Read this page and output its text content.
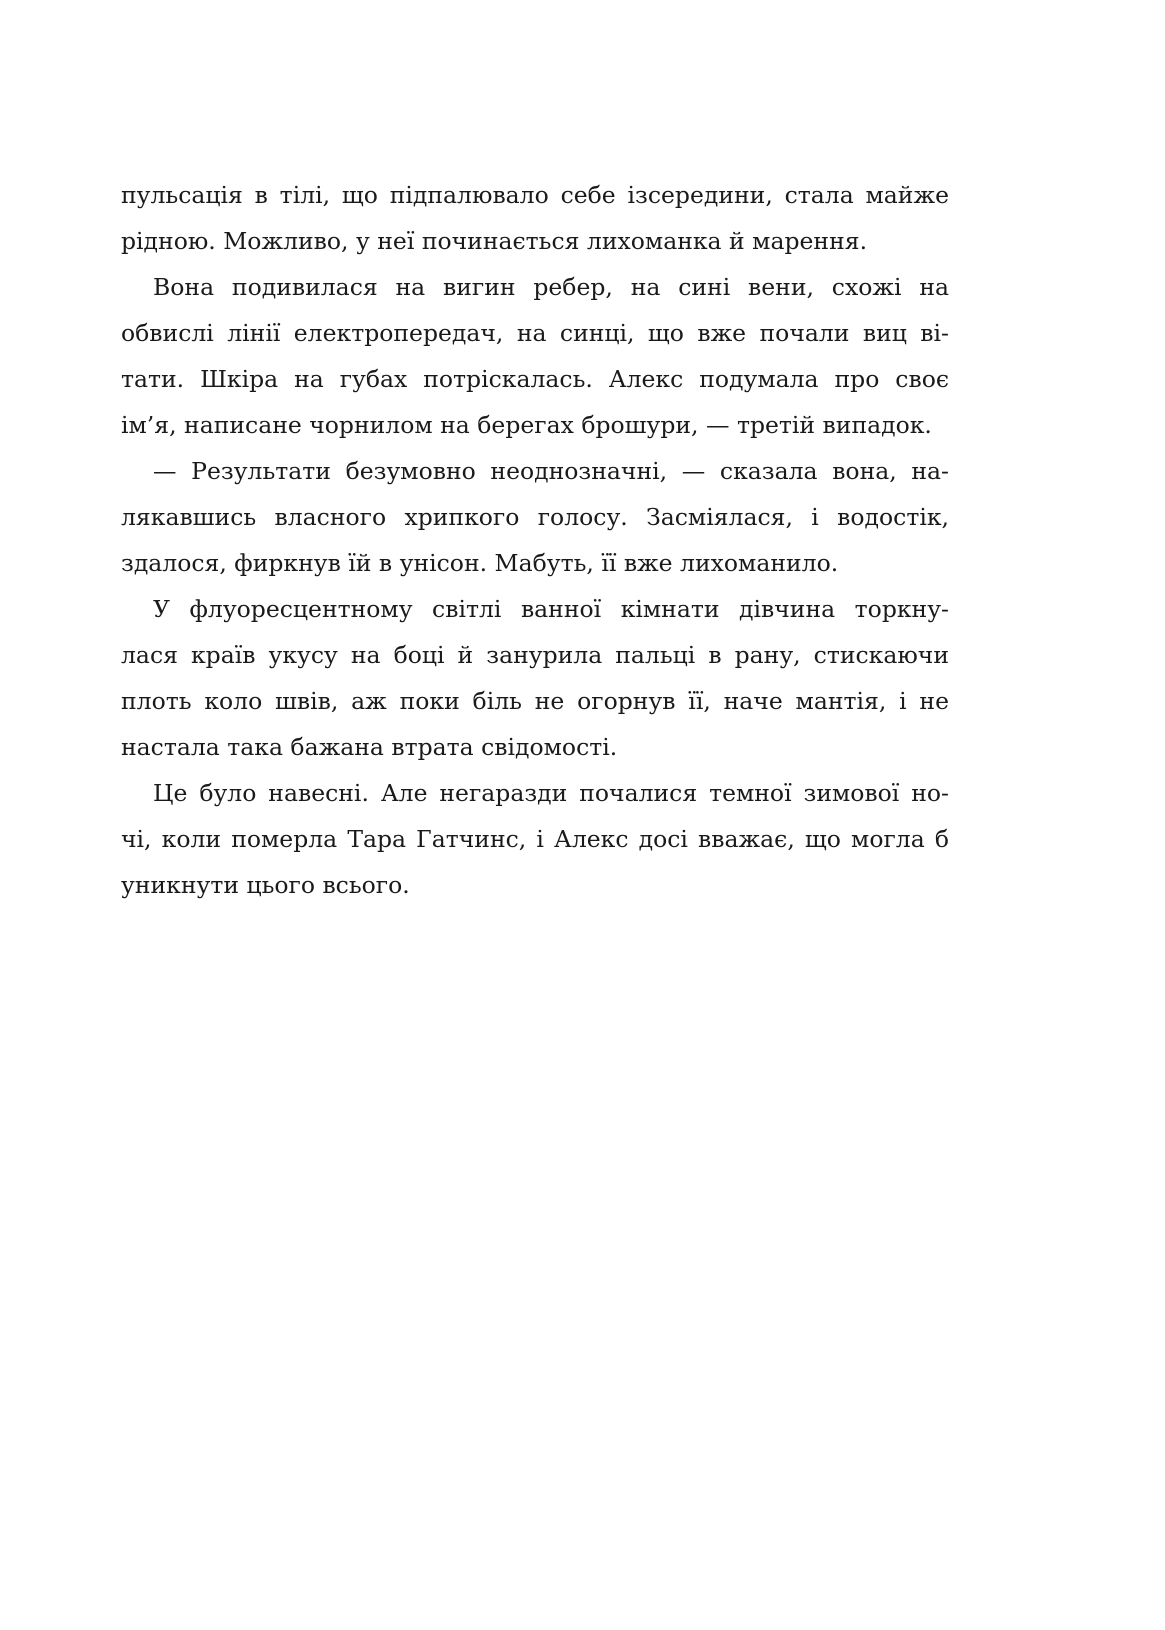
пульсація в тілі, що підпалювало себе ізсередини, стала майже
рідною. Можливо, у неї починається лихоманка й марення.
Вона подивилася на вигин ребер, на сині вени, схожі на
обвислі лінії електропередач, на синці, що вже почали виц ві-
тати. Шкіра на губах потріскалась. Алекс подумала про своє
ім’я, написане чорнилом на берегах брошури, — третій випадок.
— Результати безумовно неоднозначні, — сказала вона, на-
лякавшись власного хрипкого голосу. Засміялася, і водостік,
здалося, фиркнув їй в унісон. Мабуть, її вже лихоманило.
У флуоресцентному світлі ванної кімнати дівчина торкну-
лася країв укусу на боці й занурила пальці в рану, стискаючи
плоть коло швів, аж поки біль не огорнув її, наче мантія, і не
настала така бажана втрата свідомості.
Це було навесні. Але негаразди почалися темної зимової но-
чі, коли померла Тара Гатчинс, і Алекс досі вважає, що могла б
уникнути цього всього.
